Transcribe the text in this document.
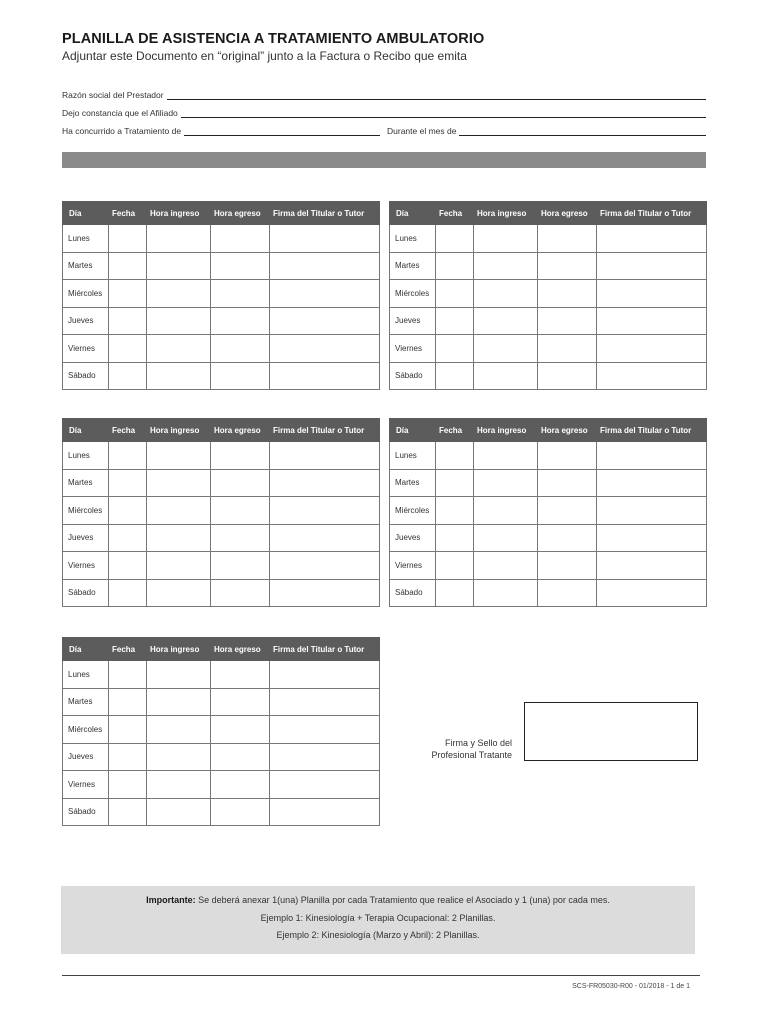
PLANILLA DE ASISTENCIA A TRATAMIENTO AMBULATORIO
Adjuntar este Documento en “original” junto a la Factura o Recibo que emita
Razón social del Prestador
Dejo constancia que el Afiliado
Ha concurrido a Tratamiento de	Durante el mes de
Día	Fecha	Hora ingreso	Hora egreso	Firma del Titular o Tutor
Lunes				
Martes				
Miércoles				
Jueves				
Viernes				
Sábado				
Día	Fecha	Hora ingreso	Hora egreso	Firma del Titular o Tutor
Lunes				
Martes				
Miércoles				
Jueves				
Viernes				
Sábado				
Día	Fecha	Hora ingreso	Hora egreso	Firma del Titular o Tutor
Lunes				
Martes				
Miércoles				
Jueves				
Viernes				
Sábado				
Día	Fecha	Hora ingreso	Hora egreso	Firma del Titular o Tutor
Lunes				
Martes				
Miércoles				
Jueves				
Viernes				
Sábado				
Día	Fecha	Hora ingreso	Hora egreso	Firma del Titular o Tutor
Lunes				
Martes				
Miércoles				
Jueves				
Viernes				
Sábado				
Firma y Sello del
Profesional Tratante

Importante: Se deberá anexar 1(una) Planilla por cada Tratamiento que realice el Asociado y 1 (una) por cada mes.

Ejemplo 1: Kinesiología + Terapia Ocupacional: 2 Planillas.

Ejemplo 2: Kinesiología (Marzo y Abril): 2 Planillas.

SCS-FR05030-R00 - 01/2018 - 1 de 1
